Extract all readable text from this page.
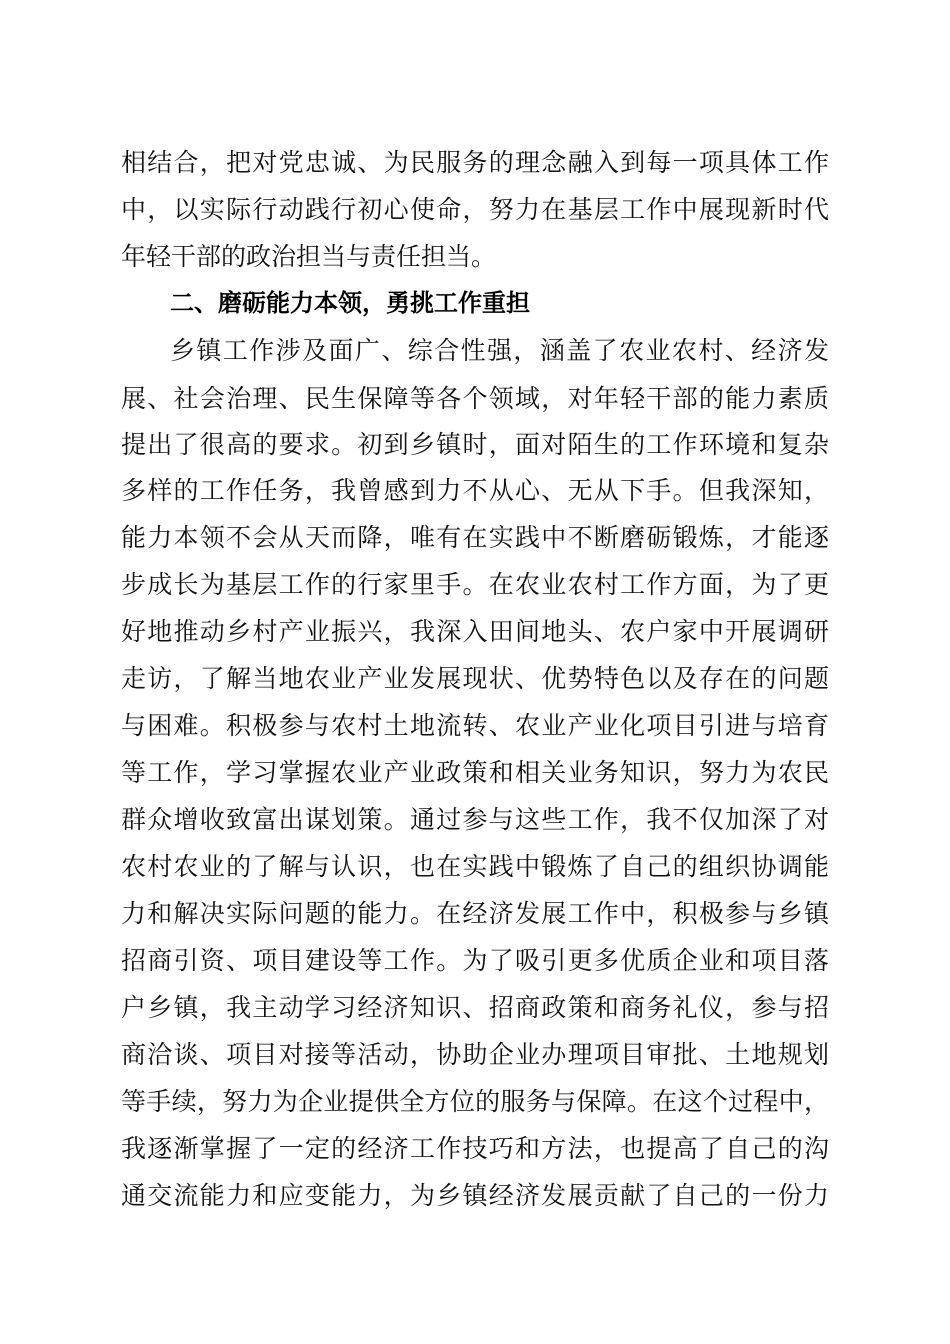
相结合，把对党忠诚、为民服务的理念融入到每一项具体工作
中，以实际行动践行初心使命，努力在基层工作中展现新时代
年轻干部的政治担当与责任担当。
二、磨砺能力本领，勇挑工作重担
乡镇工作涉及面广、综合性强，涵盖了农业农村、经济发
展、社会治理、民生保障等各个领域，对年轻干部的能力素质
提出了很高的要求。初到乡镇时，面对陌生的工作环境和复杂
多样的工作任务，我曾感到力不从心、无从下手。但我深知，
能力本领不会从天而降，唯有在实践中不断磨砺锻炼，才能逐
步成长为基层工作的行家里手。在农业农村工作方面，为了更
好地推动乡村产业振兴，我深入田间地头、农户家中开展调研
走访，了解当地农业产业发展现状、优势特色以及存在的问题
与困难。积极参与农村土地流转、农业产业化项目引进与培育
等工作，学习掌握农业产业政策和相关业务知识，努力为农民
群众增收致富出谋划策。通过参与这些工作，我不仅加深了对
农村农业的了解与认识，也在实践中锻炼了自己的组织协调能
力和解决实际问题的能力。在经济发展工作中，积极参与乡镇
招商引资、项目建设等工作。为了吸引更多优质企业和项目落
户乡镇，我主动学习经济知识、招商政策和商务礼仪，参与招
商洽谈、项目对接等活动，协助企业办理项目审批、土地规划
等手续，努力为企业提供全方位的服务与保障。在这个过程中，
我逐渐掌握了一定的经济工作技巧和方法，也提高了自己的沟
通交流能力和应变能力，为乡镇经济发展贡献了自己的一份力
